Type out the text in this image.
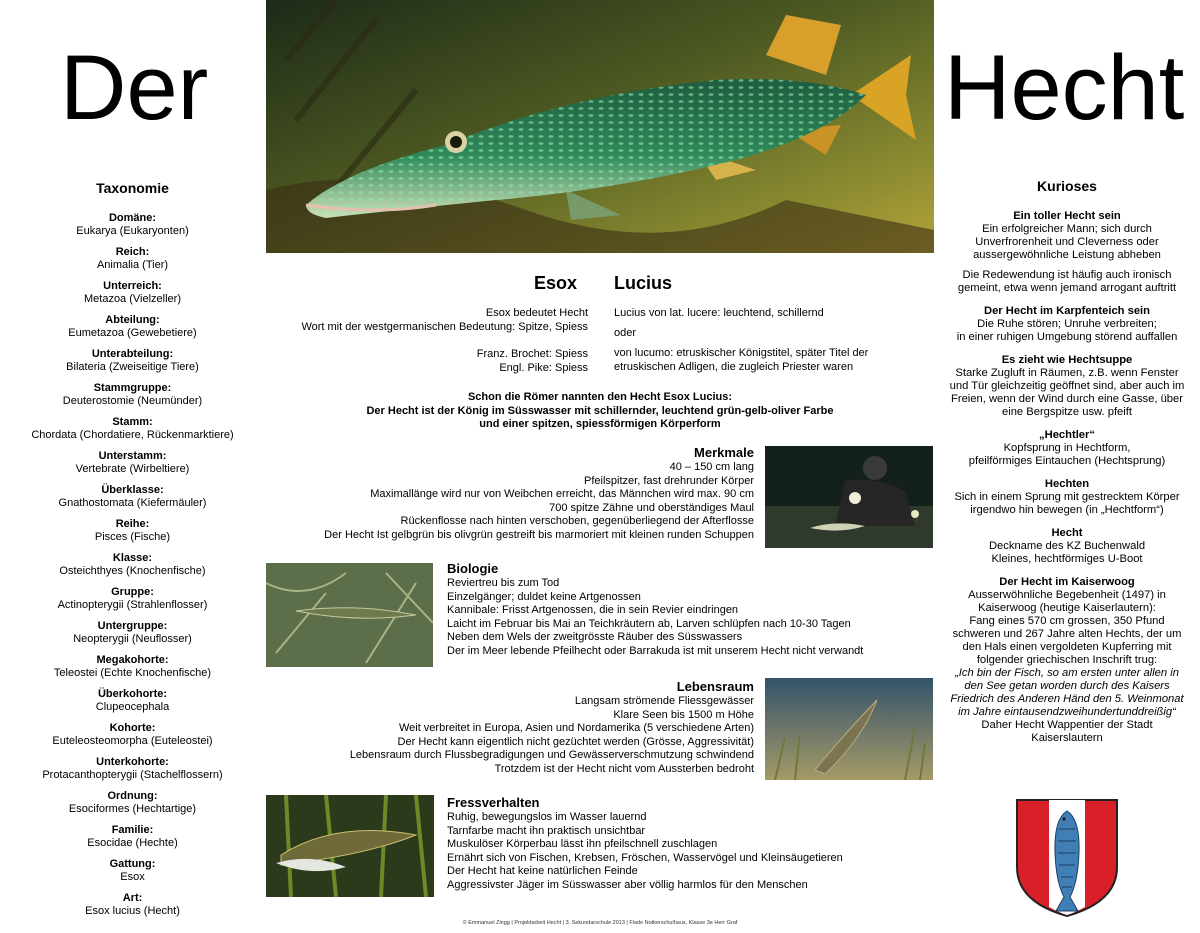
Der	Hecht
Taxonomie
Domäne:
Eukarya (Eukaryonten)
Reich:
Animalia (Tier)
Unterreich:
Metazoa (Vielzeller)
Abteilung:
Eumetazoa (Gewebetiere)
Unterabteilung:
Bilateria (Zweiseitige Tiere)
Stammgruppe:
Deuterostomie (Neumünder)
Stamm:
Chordata (Chordatiere, Rückenmarktiere)
Unterstamm:
Vertebrate (Wirbeltiere)
Überklasse:
Gnathostomata (Kiefermäuler)
Reihe:
Pisces (Fische)
Klasse:
Osteichthyes (Knochenfische)
Gruppe:
Actinopterygii (Strahlenflosser)
Untergruppe:
Neopterygii (Neuflosser)
Megakohorte:
Teleostei (Echte Knochenfische)
Überkohorte:
Clupeocephala
Kohorte:
Euteleosteomorpha (Euteleostei)
Unterkohorte:
Protacanthopterygii (Stachelflossern)
Ordnung:
Esociformes (Hechtartige)
Familie:
Esocidae (Hechte)
Gattung:
Esox
Art:
Esox lucius (Hecht)
Esox Lucius
Esox bedeutet Hecht
Wort mit der westgermanischen Bedeutung: Spitze, Spiess
Franz. Brochet: Spiess
Engl. Pike: Spiess
Lucius von lat. lucere: leuchtend, schillernd
oder
von lucumo: etruskischer Königstitel, später Titel der
etruskischen Adligen, die zugleich Priester waren
Schon die Römer nannten den Hecht Esox Lucius:
Der Hecht ist der König im Süsswasser mit schillernder, leuchtend grün-gelb-oliver Farbe
und einer spitzen, spiessförmigen Körperform
Merkmale
40 – 150 cm lang
Pfeilspitzer, fast drehrunder Körper
Maximallänge wird nur von Weibchen erreicht, das Männchen wird max. 90 cm
700 spitze Zähne und oberständiges Maul
Rückenflosse nach hinten verschoben, gegenüberliegend der Afterflosse
Der Hecht Ist gelbgrün bis olivgrün gestreift bis marmoriert mit kleinen runden Schuppen
Biologie
Reviertreu bis zum Tod
Einzelgänger; duldet keine Artgenossen
Kannibale: Frisst Artgenossen, die in sein Revier eindringen
Laicht im Februar bis Mai an Teichkräutern ab, Larven schlüpfen nach 10-30 Tagen
Neben dem Wels der zweitgrösste Räuber des Süsswassers
Der im Meer lebende Pfeilhecht oder Barrakuda ist mit unserem Hecht nicht verwandt
Lebensraum
Langsam strömende Fliessgewässer
Klare Seen bis 1500 m Höhe
Weit verbreitet in Europa, Asien und Nordamerika (5 verschiedene Arten)
Der Hecht kann eigentlich nicht gezüchtet werden (Grösse, Aggressivität)
Lebensraum durch Flussbegradigungen und Gewässerverschmutzung schwindend
Trotzdem ist der Hecht nicht vom Aussterben bedroht
Fressverhalten
Ruhig, bewegungslos im Wasser lauernd
Tarnfarbe macht ihn praktisch unsichtbar
Muskulöser Körperbau lässt ihn pfeilschnell zuschlagen
Ernährt sich von Fischen, Krebsen, Fröschen, Wasservögel und Kleinsäugetieren
Der Hecht hat keine natürlichen Feinde
Aggressivster Jäger im Süsswasser aber völlig harmlos für den Menschen
Kurioses
Ein toller Hecht sein
Ein erfolgreicher Mann; sich durch
Unverfrorenheit und Cleverness oder
aussergewöhnliche Leistung abheben
Die Redewendung ist häufig auch ironisch
gemeint, etwa wenn jemand arrogant auftritt
Der Hecht im Karpfenteich sein
Die Ruhe stören; Unruhe verbreiten;
in einer ruhigen Umgebung störend auffallen
Es zieht wie Hechtsuppe
Starke Zugluft in Räumen, z.B. wenn Fenster
und Tür gleichzeitig geöffnet sind, aber auch im
Freien, wenn der Wind durch eine Gasse, über
eine Bergspitze usw. pfeift
„Hechtler“
Kopfsprung in Hechtform,
pfeilförmiges Eintauchen (Hechtsprung)
Hechten
Sich in einem Sprung mit gestrecktem Körper
irgendwo hin bewegen (in „Hechtform“)
Hecht
Deckname des KZ Buchenwald
Kleines, hechtförmiges U-Boot
Der Hecht im Kaiserwoog
Ausserwöhnliche Begebenheit (1497) in
Kaiserwoog (heutige Kaiserlautern):
Fang eines 570 cm grossen, 350 Pfund
schweren und 267 Jahre alten Hechts, der um
den Hals einen vergoldeten Kupferring mit
folgender griechischen Inschrift trug:
„Ich bin der Fisch, so am ersten unter allen in
den See getan worden durch des Kaisers
Friedrich des Anderen Händ den 5. Weinmonat
im Jahre eintausendzweihundertunddreißig“
Daher Hecht Wappentier der Stadt
Kaiserslautern
© Emmanuel Zingg | Projektarbeit Hecht | 3. Sekundarschule 2013 | Flade Notkerschulhaus, Klasse 3e Herr Graf
